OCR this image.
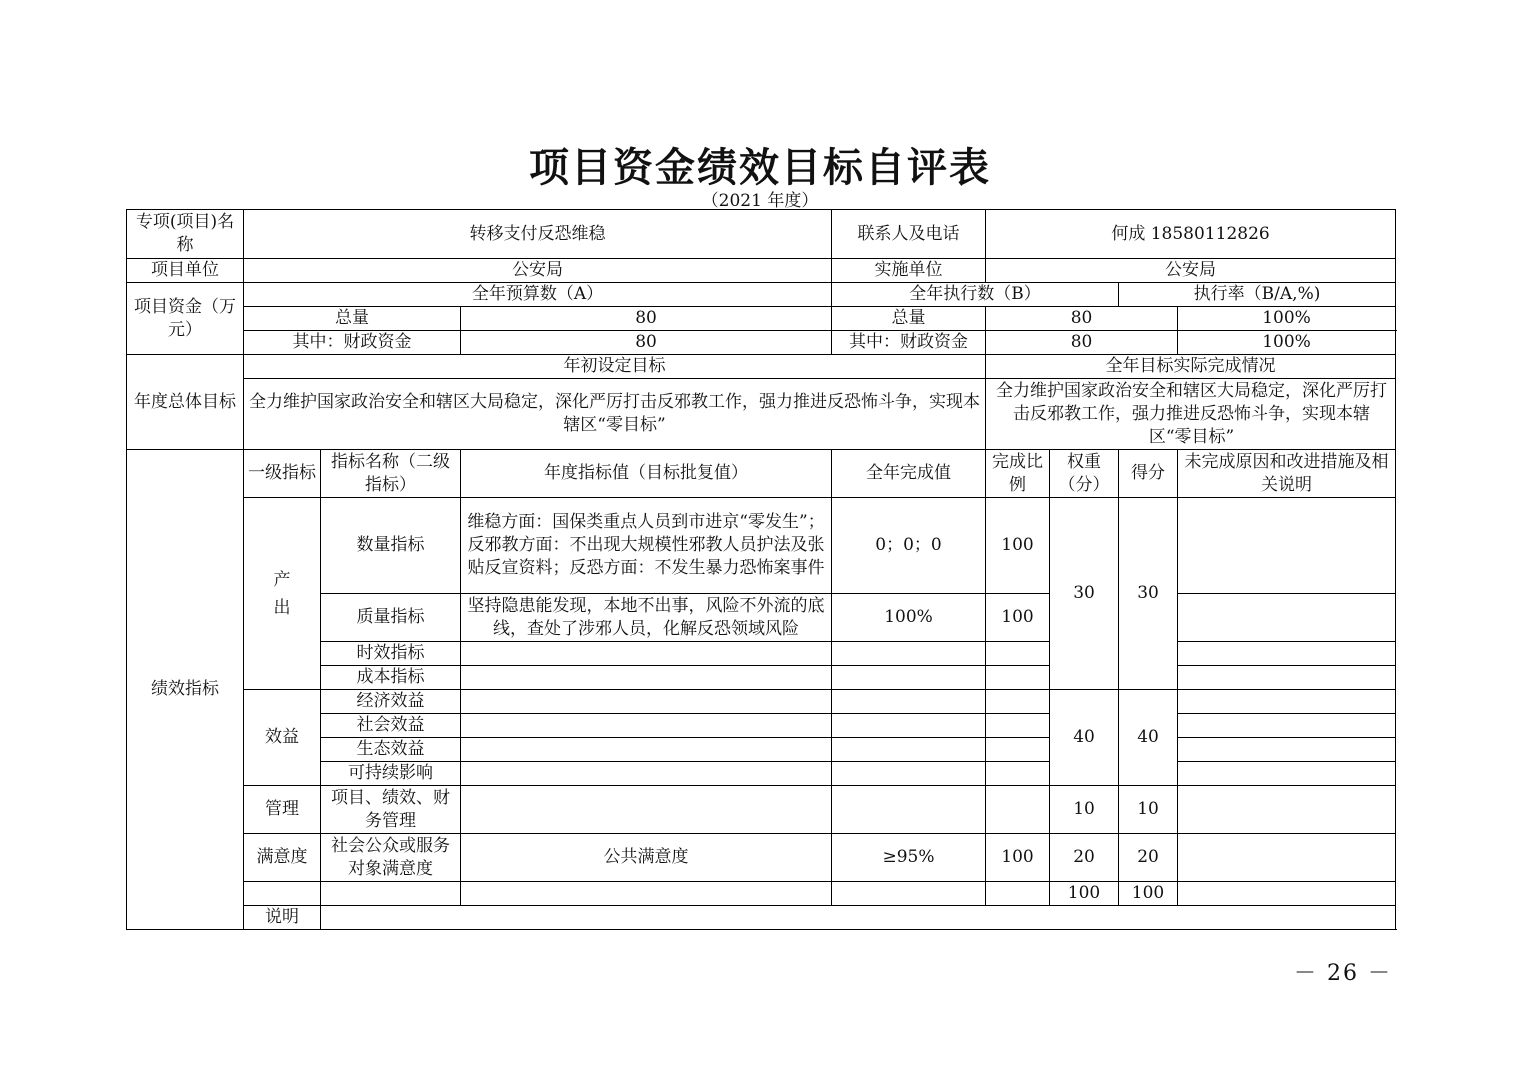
项目资金绩效目标自评表
（2021 年度）
专项(项目)名称	转移支付反恐维稳			联系人及电话	何成 18580112826			
项目单位	公安局			实施单位	公安局			
项目资金（万元）	全年预算数（A）			全年执行数（B）			执行率（B/A,%)	
	总量		80	总量	80			100%
	其中：财政资金		80	其中：财政资金	80			100%
年度总体目标	年初设定目标				全年目标实际完成情况			
	全力维护国家政治安全和辖区大局稳定，深化严厉打击反邪教工作，强力推进反恐怖斗争，实现本辖区“零目标”				全力维护国家政治安全和辖区大局稳定，深化严厉打击反邪教工作，强力推进反恐怖斗争，实现本辖区“零目标”			
绩效指标	一级指标	指标名称（二级指标）	年度指标值（目标批复值）	全年完成值	完成比例	权重（分）	得分	未完成原因和改进措施及相关说明
	产出	数量指标	维稳方面：国保类重点人员到市进京“零发生”；反邪教方面：不出现大规模性邪教人员护法及张贴反宣资料；反恐方面：不发生暴力恐怖案事件	0；0；0	100	30	30	
		质量指标	坚持隐患能发现，本地不出事，风险不外流的底线，查处了涉邪人员，化解反恐领域风险	100%	100			
		时效指标						
		成本指标						
	效益	经济效益				40	40	
		社会效益						
		生态效益						
		可持续影响						
	管理	项目、绩效、财务管理				10	10	
	满意度	社会公众或服务对象满意度	公共满意度	≥95%	100	20	20	
						100	100	
	说明							
－ 26 －
